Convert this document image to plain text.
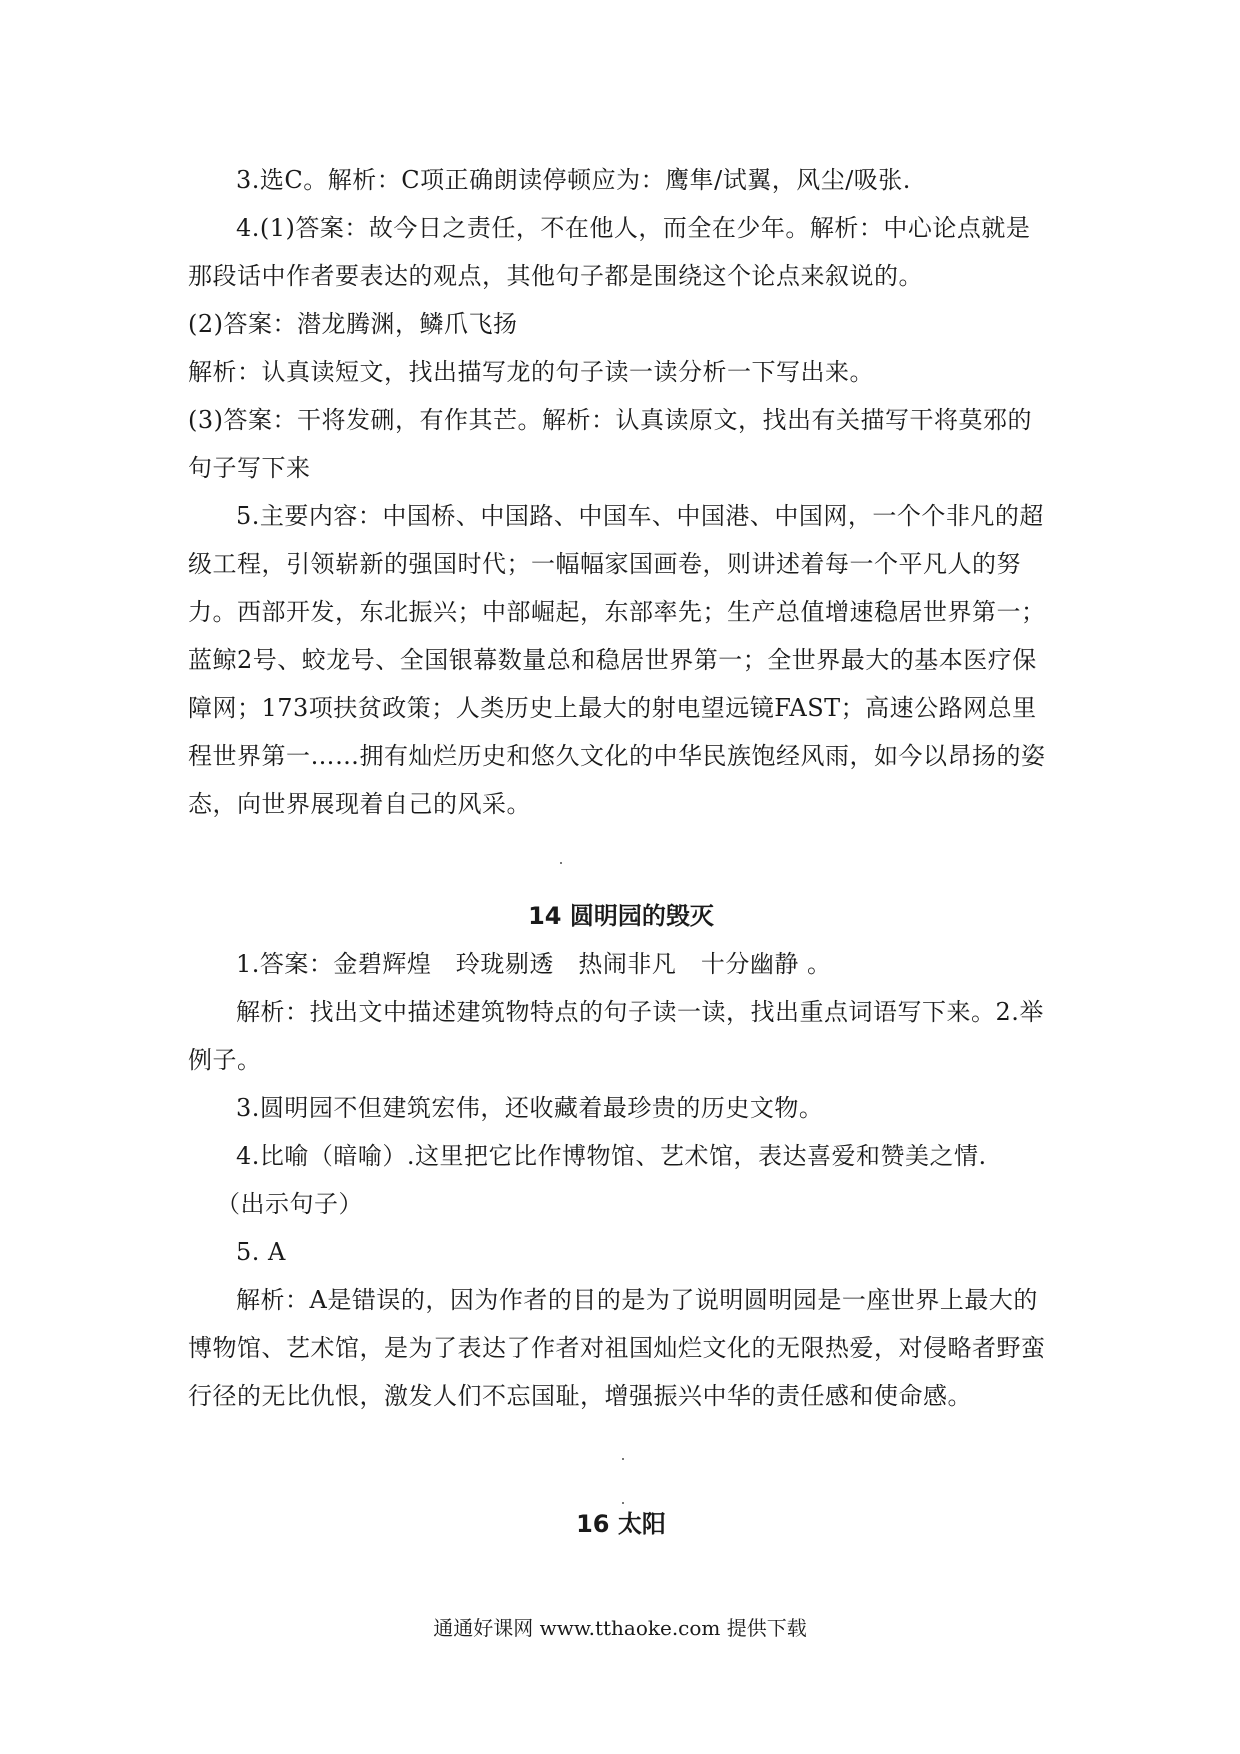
3.选C。解析：C项正确朗读停顿应为：鹰隼/试翼，风尘/吸张.

4.(1)答案：故今日之责任，不在他人，而全在少年。解析：中心论点就是那段话中作者要表达的观点，其他句子都是围绕这个论点来叙说的。

(2)答案：潜龙腾渊，鳞爪飞扬

解析：认真读短文，找出描写龙的句子读一读分析一下写出来。

(3)答案：干将发硎，有作其芒。解析：认真读原文，找出有关描写干将莫邪的句子写下来

5.主要内容：中国桥、中国路、中国车、中国港、中国网，一个个非凡的超级工程，引领崭新的强国时代；一幅幅家国画卷，则讲述着每一个平凡人的努力。西部开发，东北振兴；中部崛起，东部率先；生产总值增速稳居世界第一；蓝鲸2号、蛟龙号、全国银幕数量总和稳居世界第一；全世界最大的基本医疗保障网；173项扶贫政策；人类历史上最大的射电望远镜FAST；高速公路网总里程世界第一……拥有灿烂历史和悠久文化的中华民族饱经风雨，如今以昂扬的姿态，向世界展现着自己的风采。

14 圆明园的毁灭

1.答案：金碧辉煌　玲珑剔透　热闹非凡　十分幽静 。

解析：找出文中描述建筑物特点的句子读一读，找出重点词语写下来。2.举例子。

3.圆明园不但建筑宏伟，还收藏着最珍贵的历史文物。

4.比喻（暗喻）.这里把它比作博物馆、艺术馆，表达喜爱和赞美之情.

（出示句子）

5. A

解析：A是错误的，因为作者的目的是为了说明圆明园是一座世界上最大的博物馆、艺术馆，是为了表达了作者对祖国灿烂文化的无限热爱，对侵略者野蛮行径的无比仇恨，激发人们不忘国耻，增强振兴中华的责任感和使命感。

16 太阳

通通好课网 www.tthaoke.com 提供下载
